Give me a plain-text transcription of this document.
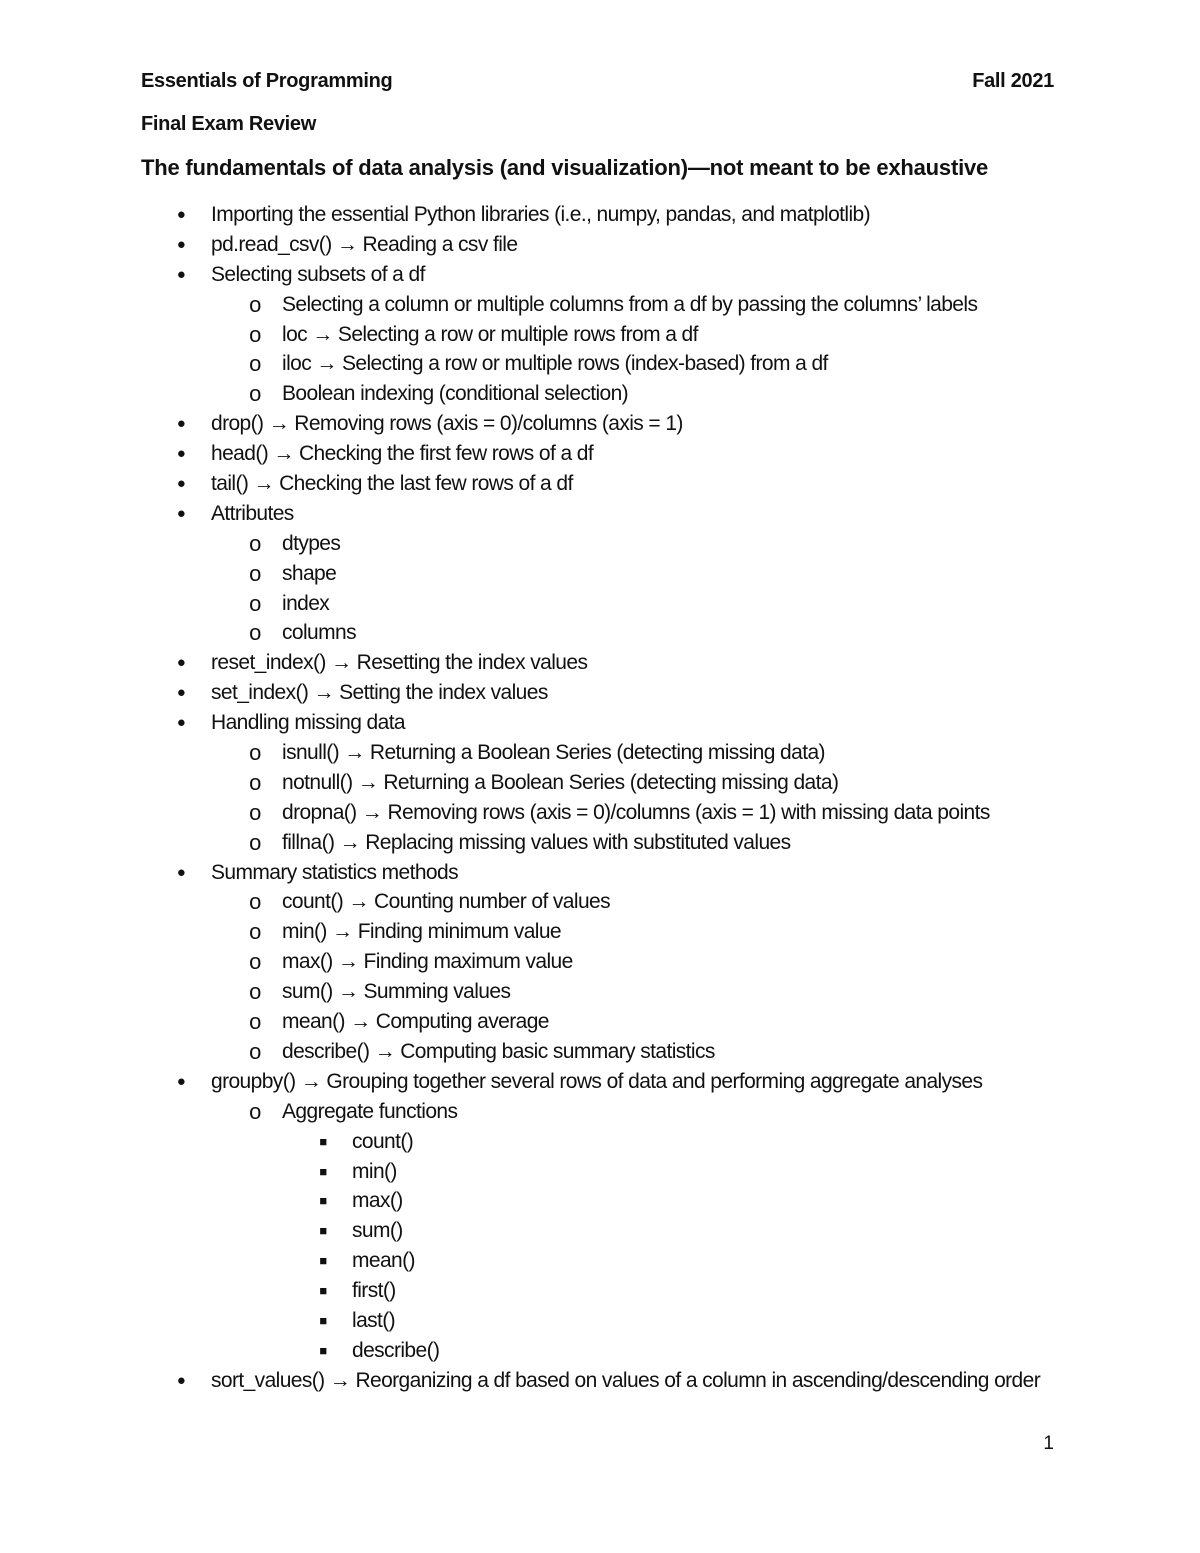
Essentials of Programming	Fall 2021
Final Exam Review
The fundamentals of data analysis (and visualization)—not meant to be exhaustive
● Importing the essential Python libraries (i.e., numpy, pandas, and matplotlib)
● pd.read_csv() → Reading a csv file
● Selecting subsets of a df
o Selecting a column or multiple columns from a df by passing the columns’ labels
o loc → Selecting a row or multiple rows from a df
o iloc → Selecting a row or multiple rows (index-based) from a df
o Boolean indexing (conditional selection)
● drop() → Removing rows (axis = 0)/columns (axis = 1)
● head() → Checking the first few rows of a df
● tail() → Checking the last few rows of a df
● Attributes
o dtypes
o shape
o index
o columns
● reset_index() → Resetting the index values
● set_index() → Setting the index values
● Handling missing data
o isnull() → Returning a Boolean Series (detecting missing data)
o notnull() → Returning a Boolean Series (detecting missing data)
o dropna() → Removing rows (axis = 0)/columns (axis = 1) with missing data points
o fillna() → Replacing missing values with substituted values
● Summary statistics methods
o count() → Counting number of values
o min() → Finding minimum value
o max() → Finding maximum value
o sum() → Summing values
o mean() → Computing average
o describe() → Computing basic summary statistics
● groupby() → Grouping together several rows of data and performing aggregate analyses
o Aggregate functions
■	count()
■	min()
■	max()
■	sum()
■	mean()
■	first()
■	last()
■	describe()
● sort_values() → Reorganizing a df based on values of a column in ascending/descending order
1
